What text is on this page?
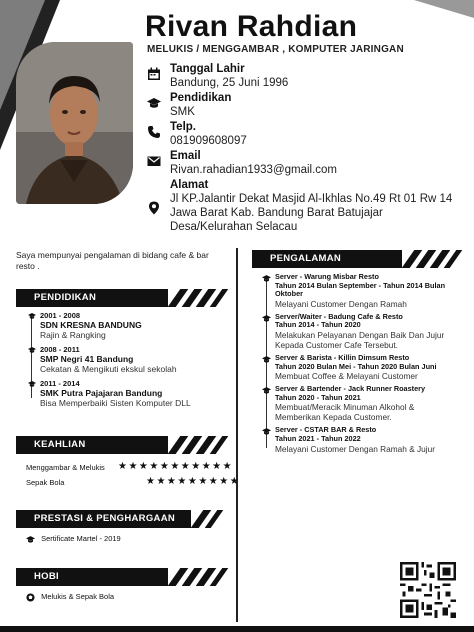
Rivan Rahdian
MELUKIS / MENGGAMBAR , KOMPUTER JARINGAN
Tanggal Lahir
Bandung, 25 Juni 1996
Pendidikan
SMK
Telp.
081909608097
Email
Rivan.rahadian1933@gmail.com
Alamat
Jl KP.Jalantir Dekat Masjid Al-Ikhlas No.49 Rt 01 Rw 14 Jawa Barat Kab. Bandung Barat Batujajar Desa/Kelurahan Selacau
Saya mempunyai pengalaman di bidang cafe & bar resto .
PENDIDIKAN
2001 - 2008
SDN KRESNA BANDUNG
Rajin & Rangking
2008 - 2011
SMP Negri 41 Bandung
Cekatan & Mengikuti ekskul sekolah
2011 - 2014
SMK Putra Pajajaran Bandung
Bisa Memperbaiki Sisten Komputer DLL
KEAHLIAN
Menggambar & Melukis ★★★★★★★★★★★
Sepak Bola	★★★★★★★★★
PRESTASI & PENGHARGAAN
Sertificate Martel - 2019
HOBI
Melukis & Sepak Bola
PENGALAMAN
Server - Warung Misbar Resto
Tahun 2014 Bulan September - Tahun 2014 Bulan Oktober
Melayani Customer Dengan Ramah
Server/Waiter - Badung Cafe & Resto
Tahun 2014 - Tahun 2020
Melakukan Pelayanan Dengan Baik Dan Jujur Kepada Customer Cafe Tersebut.
Server & Barista - Killin Dimsum Resto
Tahun 2020 Bulan Mei - Tahun 2020 Bulan Juni
Membuat Coffee & Melayani Customer
Server & Bartender - Jack Runner Roastery
Tahun 2020 - Tahun 2021
Membuat/Meracik Minuman Alkohol & Memberikan Kepada Customer.
Server - CSTAR BAR & Resto
Tahun 2021 - Tahun 2022
Melayani Customer Dengan Ramah & Jujur
